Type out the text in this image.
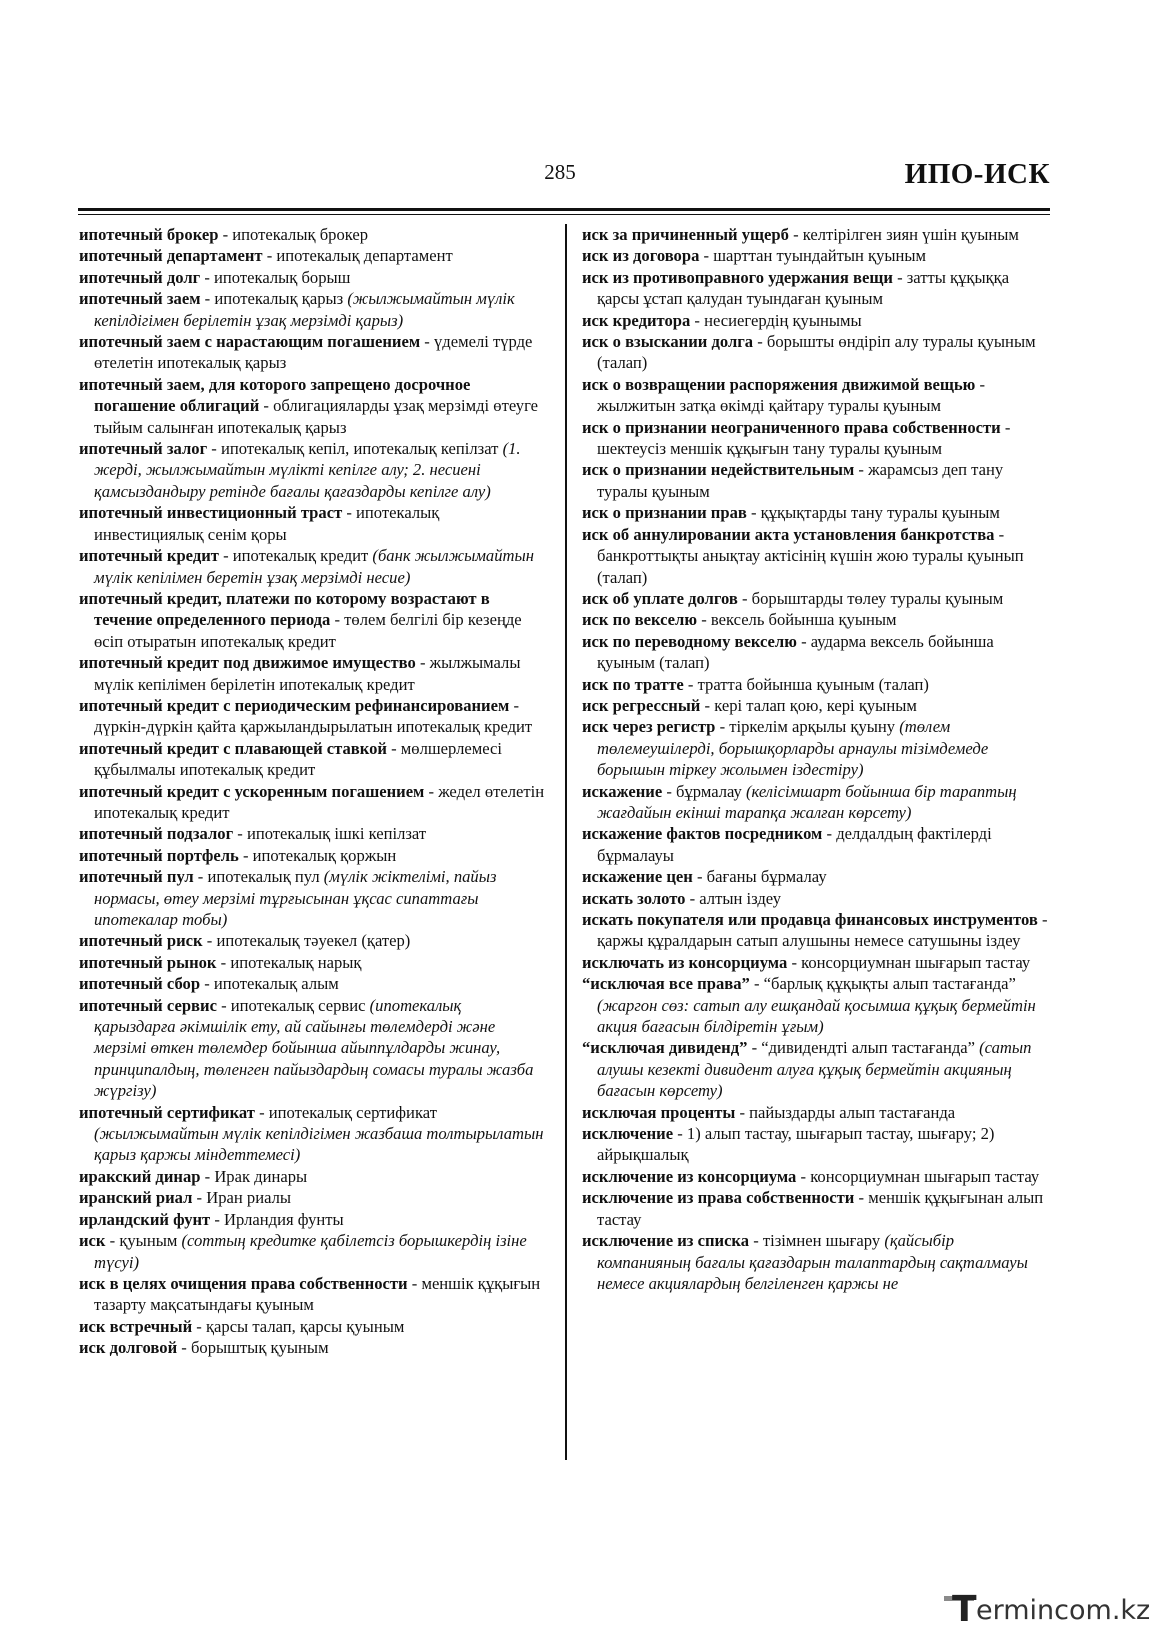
285	ИПО-ИСК

ипотечный брокер - ипотекалық брокер

ипотечный департамент - ипотекалық департамент

ипотечный долг - ипотекалық борыш

ипотечный заем - ипотекалық қарыз (жылжымайтын мүлік кепілдігімен берілетін ұзақ мерзімді қарыз)

ипотечный заем с нарастающим погашением - үдемелі түрде өтелетін ипотекалық қарыз

ипотечный заем, для которого запрещено досрочное погашение облигаций - облигацияларды ұзақ мерзімді өтеуге тыйым салынған ипотекалық қарыз

ипотечный залог - ипотекалық кепіл, ипотекалық кепілзат (1. жерді, жылжымайтын мүлікті кепілге алу; 2. несиені қамсыздандыру ретінде бағалы қағаздарды кепілге алу)

ипотечный инвестиционный траст - ипотекалық инвестициялық сенім қоры

ипотечный кредит - ипотекалық кредит (банк жылжымайтын мүлік кепілімен беретін ұзақ мерзімді несие)

ипотечный кредит, платежи по которому возрастают в течение определенного периода - төлем белгілі бір кезеңде өсіп отыратын ипотекалық кредит

ипотечный кредит под движимое имущество - жылжымалы мүлік кепілімен берілетін ипотекалық кредит

ипотечный кредит с периодическим рефинансированием - дүркін-дүркін қайта қаржыландырылатын ипотекалық кредит

ипотечный кредит с плавающей ставкой - мөлшерлемесі құбылмалы ипотекалық кредит

ипотечный кредит с ускоренным погашением - жедел өтелетін ипотекалық кредит

ипотечный подзалог - ипотекалық ішкі кепілзат

ипотечный портфель - ипотекалық қоржын

ипотечный пул - ипотекалық пул (мүлік жіктелімі, пайыз нормасы, өтеу мерзімі тұрғысынан ұқсас сипаттағы ипотекалар тобы)

ипотечный риск - ипотекалық тәуекел (қатер)

ипотечный рынок - ипотекалық нарық

ипотечный сбор - ипотекалық алым

ипотечный сервис - ипотекалық сервис (ипотекалық қарыздарға әкімшілік ету, ай сайынғы төлемдерді және мерзімі өткен төлемдер бойынша айыппұлдарды жинау, принципалдың, төленген пайыздардың сомасы туралы жазба жүргізу)

ипотечный сертификат - ипотекалық сертификат (жылжымайтын мүлік кепілдігімен жазбаша толтырылатын қарыз қаржы міндеттемесі)

иракский динар - Ирак динары

иранский риал - Иран риалы

ирландский фунт - Ирландия фунты

иск - қуыным (соттың кредитке қабілетсіз борышкердің ізіне түсуі)

иск в целях очищения права собственности - меншік құқығын тазарту мақсатындағы қуыным

иск встречный - қарсы талап, қарсы қуыным

иск долговой - борыштық қуыным

иск за причиненный ущерб - келтірілген зиян үшін қуыным

иск из договора - шарттан туындайтын қуыным

иск из противоправного удержания вещи - затты құқыққа қарсы ұстап қалудан туындаған қуыным

иск кредитора - несиегердің қуынымы

иск о взыскании долга - борышты өндіріп алу туралы қуыным (талап)

иск о возвращении распоряжения движимой вещью - жылжитын затқа өкімді қайтару туралы қуыным

иск о признании неограниченного права собственности - шектеусіз меншік құқығын тану туралы қуыным

иск о признании недействительным - жарамсыз деп тану туралы қуыным

иск о признании прав - құқықтарды тану туралы қуыным

иск об аннулировании акта установления банкротства - банкроттықты анықтау актісінің күшін жою туралы қуынып (талап)

иск об уплате долгов - борыштарды төлеу туралы қуыным

иск по векселю - вексель бойынша қуыным

иск по переводному векселю - аударма вексель бойынша қуыным (талап)

иск по тратте - тратта бойынша қуыным (талап)

иск регрессный - кері талап қою, кері қуыным

иск через регистр - тіркелім арқылы қуыну (төлем төлемеушілерді, борышқорларды арнаулы тізімдемеде борышын тіркеу жолымен іздестіру)

искажение - бұрмалау (келісімшарт бойынша бір тараптың жағдайын екінші тарапқа жалған көрсету)

искажение фактов посредником - делдалдың фактілерді бұрмалауы

искажение цен - бағаны бұрмалау

искать золото - алтын іздеу

искать покупателя или продавца финансовых инструментов - қаржы құралдарын сатып алушыны немесе сатушыны іздеу

исключать из консорциума - консорциумнан шығарып тастау

“исключая все права” - “барлық құқықты алып тастағанда” (жаргон сөз: сатып алу ешқандай қосымша құқық бермейтін акция бағасын білдіретін ұғым)

“исключая дивиденд” - “дивидендті алып тастағанда” (сатып алушы кезекті дивидент алуға құқық бермейтін акцияның бағасын көрсету)

исключая проценты - пайыздарды алып тастағанда

исключение - 1) алып тастау, шығарып тастау, шығару; 2) айрықшалық

исключение из консорциума - консорциумнан шығарып тастау

исключение из права собственности - меншік құқығынан алып тастау

исключение из списка - тізімнен шығару (қайсыбір компанияның бағалы қағаздарын талаптардың сақталмауы немесе акциялардың белгіленген қаржы не

T ermincom.kz
